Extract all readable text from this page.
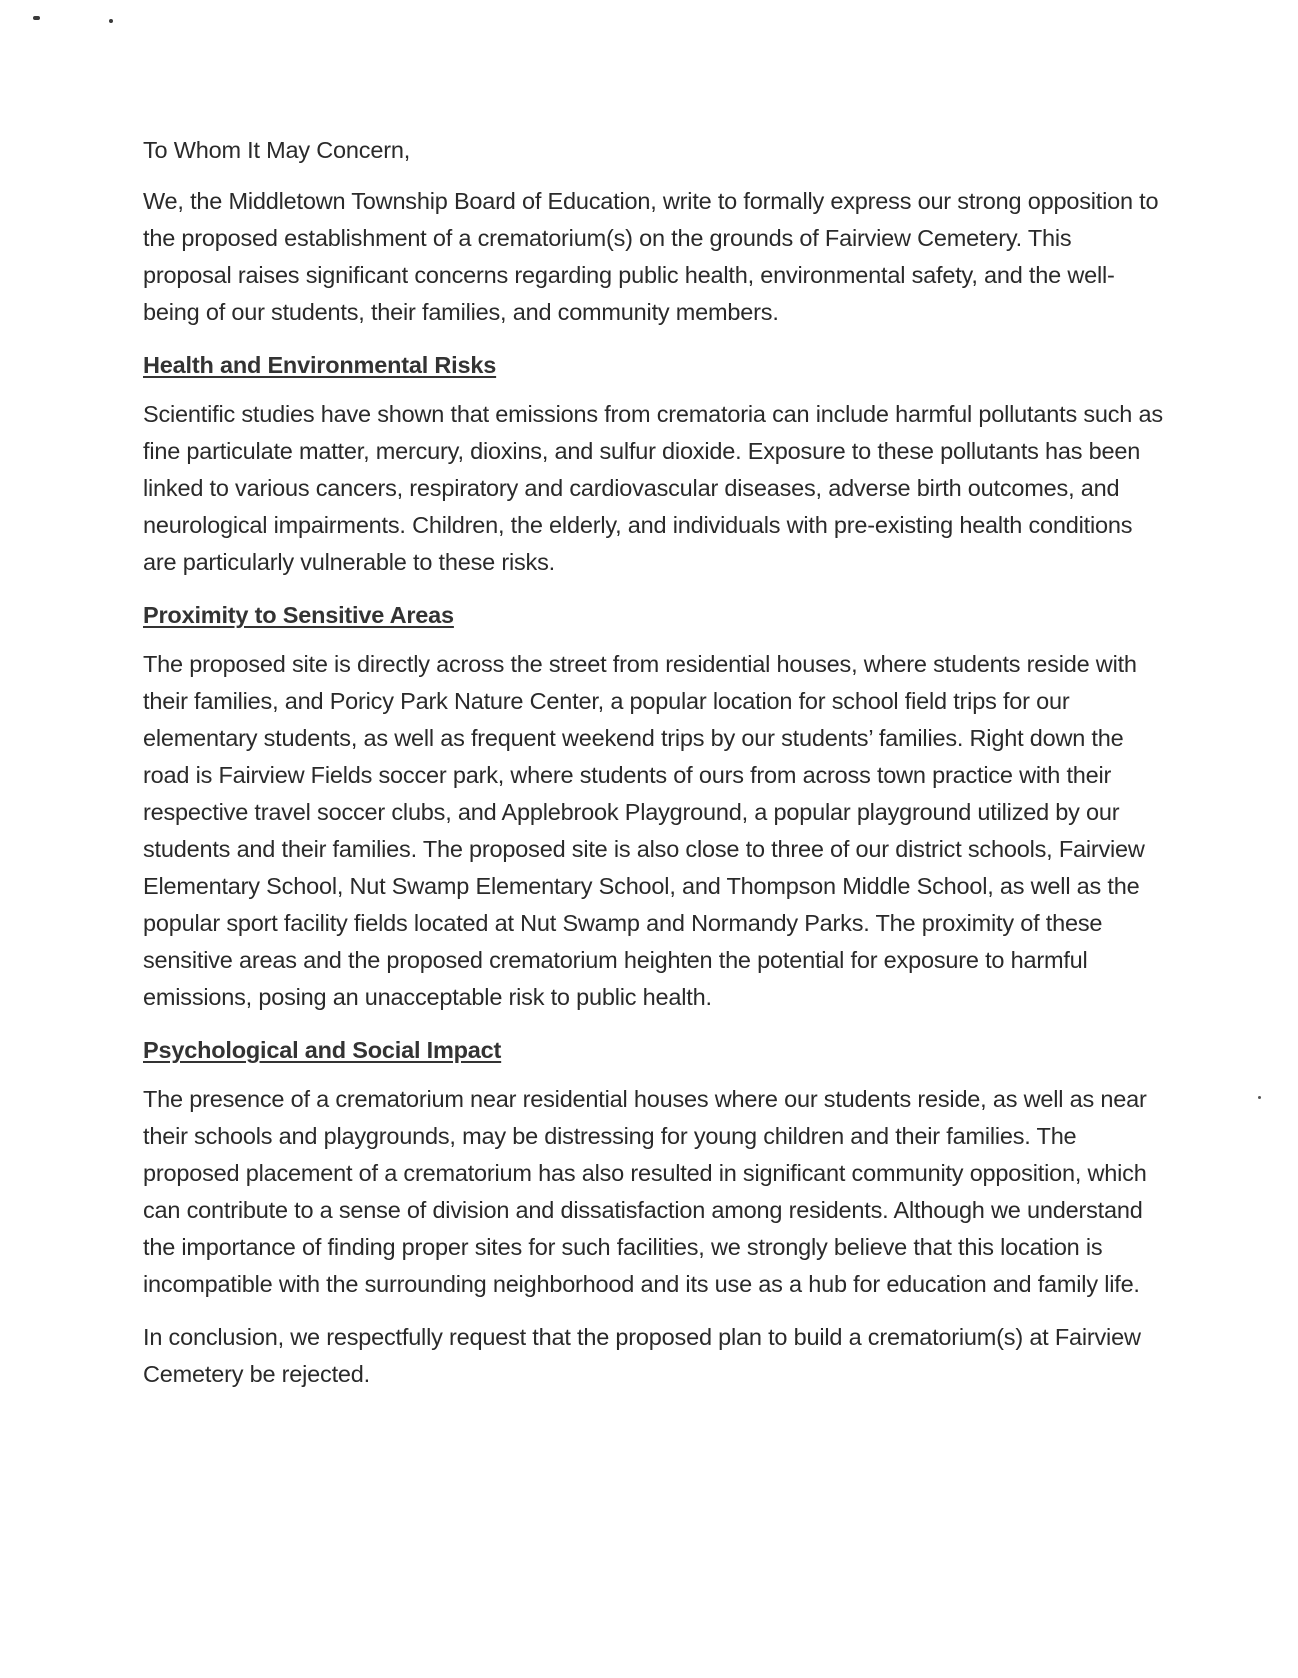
To Whom It May Concern,

We, the Middletown Township Board of Education, write to formally express our strong opposition to the proposed establishment of a crematorium(s) on the grounds of Fairview Cemetery. This proposal raises significant concerns regarding public health, environmental safety, and the well-being of our students, their families, and community members.

Health and Environmental Risks

Scientific studies have shown that emissions from crematoria can include harmful pollutants such as fine particulate matter, mercury, dioxins, and sulfur dioxide. Exposure to these pollutants has been linked to various cancers, respiratory and cardiovascular diseases, adverse birth outcomes, and neurological impairments. Children, the elderly, and individuals with pre-existing health conditions are particularly vulnerable to these risks.

Proximity to Sensitive Areas

The proposed site is directly across the street from residential houses, where students reside with their families, and Poricy Park Nature Center, a popular location for school field trips for our elementary students, as well as frequent weekend trips by our students’ families. Right down the road is Fairview Fields soccer park, where students of ours from across town practice with their respective travel soccer clubs, and Applebrook Playground, a popular playground utilized by our students and their families. The proposed site is also close to three of our district schools, Fairview Elementary School, Nut Swamp Elementary School, and Thompson Middle School, as well as the popular sport facility fields located at Nut Swamp and Normandy Parks. The proximity of these sensitive areas and the proposed crematorium heighten the potential for exposure to harmful emissions, posing an unacceptable risk to public health.

Psychological and Social Impact

The presence of a crematorium near residential houses where our students reside, as well as near their schools and playgrounds, may be distressing for young children and their families. The proposed placement of a crematorium has also resulted in significant community opposition, which can contribute to a sense of division and dissatisfaction among residents. Although we understand the importance of finding proper sites for such facilities, we strongly believe that this location is incompatible with the surrounding neighborhood and its use as a hub for education and family life.

In conclusion, we respectfully request that the proposed plan to build a crematorium(s) at Fairview Cemetery be rejected.
